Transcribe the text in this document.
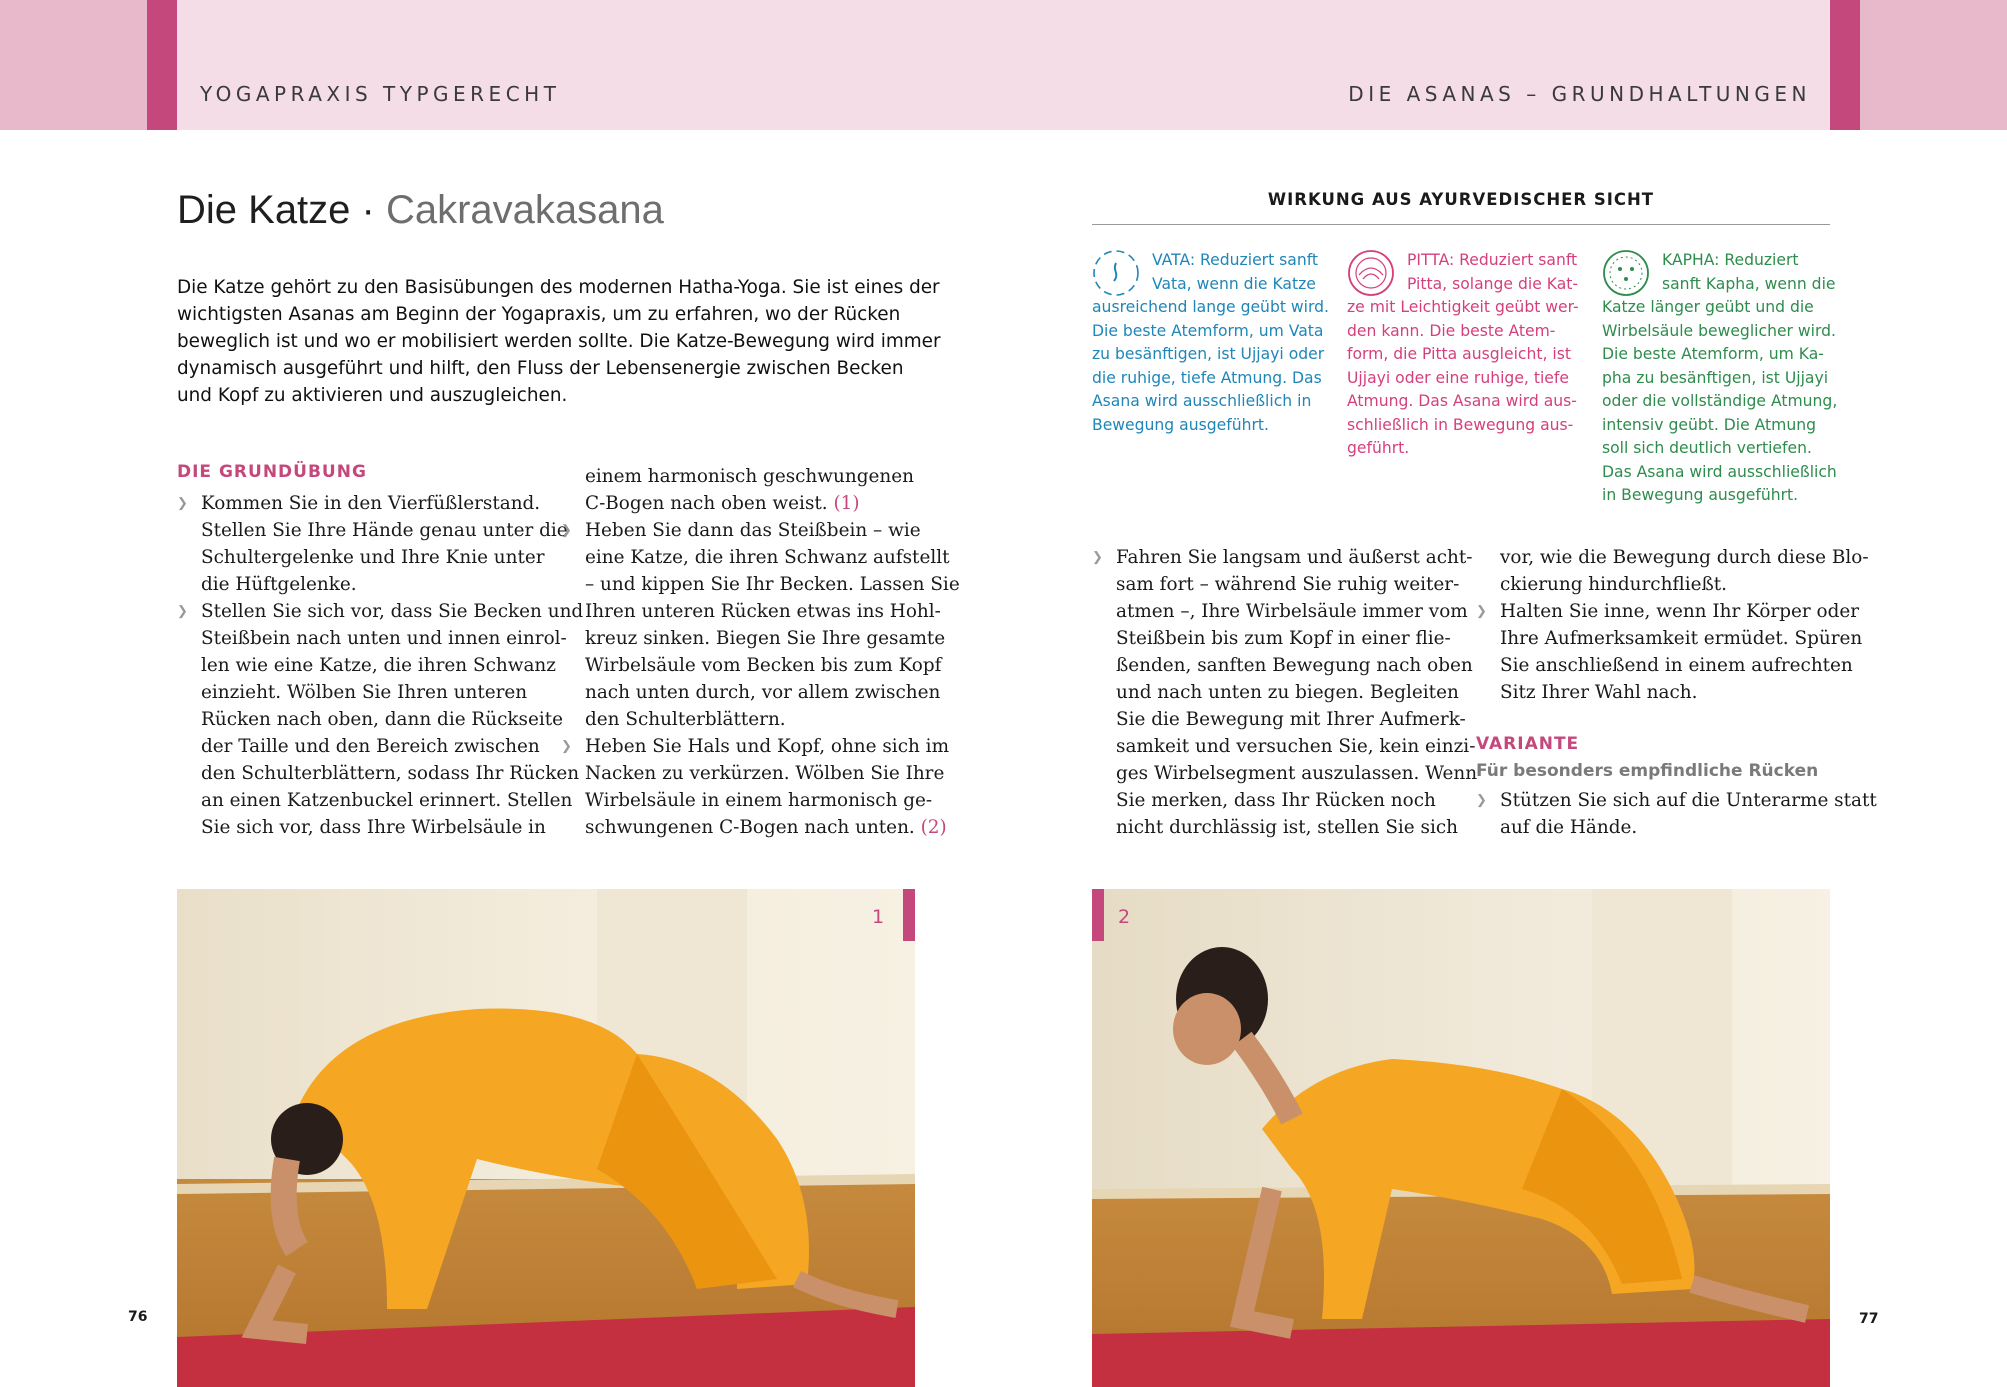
YOGAPRAXIS TYPGERECHT	DIE ASANAS – GRUNDHALTUNGEN
Die Katze · Cakravakasana
Die Katze gehört zu den Basisübungen des modernen Hatha-Yoga. Sie ist eines der
wichtigsten Asanas am Beginn der Yogapraxis, um zu erfahren, wo der Rücken
beweglich ist und wo er mobilisiert werden sollte. Die Katze-Bewegung wird immer
dynamisch ausgeführt und hilft, den Fluss der Lebensenergie zwischen Becken
und Kopf zu aktivieren und auszugleichen.
DIE GRUNDÜBUNG
❯ Kommen Sie in den Vierfüßlerstand.
Stellen Sie Ihre Hände genau unter die
Schultergelenke und Ihre Knie unter
die Hüftgelenke.
❯ Stellen Sie sich vor, dass Sie Becken und
Steißbein nach unten und innen einrol-
len wie eine Katze, die ihren Schwanz
einzieht. Wölben Sie Ihren unteren
Rücken nach oben, dann die Rückseite
der Taille und den Bereich zwischen
den Schulterblättern, sodass Ihr Rücken
an einen Katzenbuckel erinnert. Stellen
Sie sich vor, dass Ihre Wirbelsäule in
einem harmonisch geschwungenen
C-Bogen nach oben weist. (1)
❯ Heben Sie dann das Steißbein – wie
eine Katze, die ihren Schwanz aufstellt
– und kippen Sie Ihr Becken. Lassen Sie
Ihren unteren Rücken etwas ins Hohl-
kreuz sinken. Biegen Sie Ihre gesamte
Wirbelsäule vom Becken bis zum Kopf
nach unten durch, vor allem zwischen
den Schulterblättern.
❯ Heben Sie Hals und Kopf, ohne sich im
Nacken zu verkürzen. Wölben Sie Ihre
Wirbelsäule in einem harmonisch ge-
schwungenen C-Bogen nach unten. (2)
WIRKUNG AUS AYURVEDISCHER SICHT
VATA: Reduziert sanft
Vata, wenn die Katze
ausreichend lange geübt wird.
Die beste Atemform, um Vata
zu besänftigen, ist Ujjayi oder
die ruhige, tiefe Atmung. Das
Asana wird ausschließlich in
Bewegung ausgeführt.
PITTA: Reduziert sanft
Pitta, solange die Kat-
ze mit Leichtigkeit geübt wer-
den kann. Die beste Atem-
form, die Pitta ausgleicht, ist
Ujjayi oder eine ruhige, tiefe
Atmung. Das Asana wird aus-
schließlich in Bewegung aus-
geführt.
KAPHA: Reduziert
sanft Kapha, wenn die
Katze länger geübt und die
Wirbelsäule beweglicher wird.
Die beste Atemform, um Ka-
pha zu besänftigen, ist Ujjayi
oder die vollständige Atmung,
intensiv geübt. Die Atmung
soll sich deutlich vertiefen.
Das Asana wird ausschließlich
in Bewegung ausgeführt.
❯ Fahren Sie langsam und äußerst acht-
sam fort – während Sie ruhig weiter-
atmen –, Ihre Wirbelsäule immer vom
Steißbein bis zum Kopf in einer flie-
ßenden, sanften Bewegung nach oben
und nach unten zu biegen. Begleiten
Sie die Bewegung mit Ihrer Aufmerk-
samkeit und versuchen Sie, kein einzi-
ges Wirbelsegment auszulassen. Wenn
Sie merken, dass Ihr Rücken noch
nicht durchlässig ist, stellen Sie sich
vor, wie die Bewegung durch diese Blo-
ckierung hindurchfließt.
❯ Halten Sie inne, wenn Ihr Körper oder
Ihre Aufmerksamkeit ermüdet. Spüren
Sie anschließend in einem aufrechten
Sitz Ihrer Wahl nach.
VARIANTE
Für besonders empfindliche Rücken
❯ Stützen Sie sich auf die Unterarme statt
auf die Hände.
1	2
76	77
